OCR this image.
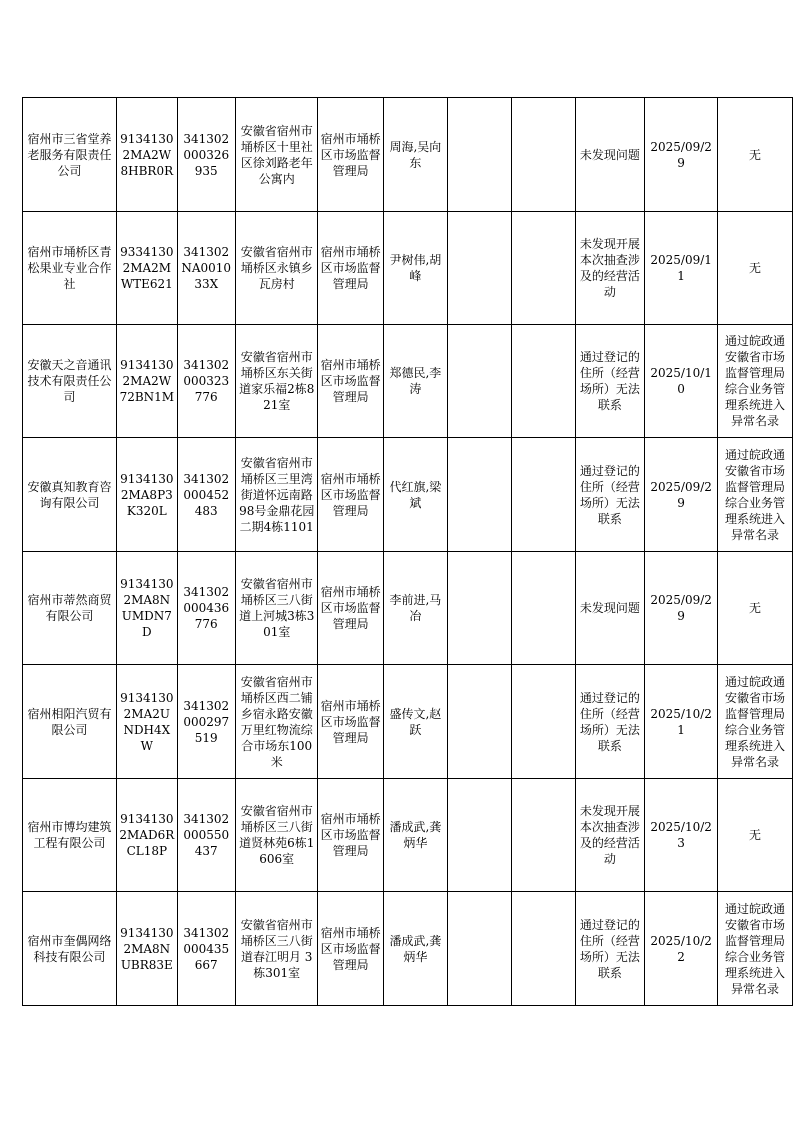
宿州市三省堂养老服务有限责任公司	91341302MA2W8HBR0R	341302000326935	安徽省宿州市埇桥区十里社区徐刘路老年公寓内	宿州市埇桥区市场监督管理局	周海,吴向东			未发现问题	2025/09/29	无
宿州市埇桥区青松果业专业合作社	93341302MA2MWTE621	341302NA001033X	安徽省宿州市埇桥区永镇乡瓦房村	宿州市埇桥区市场监督管理局	尹树伟,胡峰			未发现开展本次抽查涉及的经营活动	2025/09/11	无
安徽天之音通讯技术有限责任公司	91341302MA2W72BN1M	341302000323776	安徽省宿州市埇桥区东关街道家乐福2栋821室	宿州市埇桥区市场监督管理局	郑德民,李涛			通过登记的住所（经营场所）无法联系	2025/10/10	通过皖政通安徽省市场监督管理局综合业务管理系统进入异常名录
安徽真知教育咨询有限公司	91341302MA8P3K320L	341302000452483	安徽省宿州市埇桥区三里湾街道怀远南路98号金鼎花园二期4栋1101	宿州市埇桥区市场监督管理局	代红旗,梁斌			通过登记的住所（经营场所）无法联系	2025/09/29	通过皖政通安徽省市场监督管理局综合业务管理系统进入异常名录
宿州市蒂然商贸有限公司	91341302MA8NUMDN7D	341302000436776	安徽省宿州市埇桥区三八街道上河城3栋301室	宿州市埇桥区市场监督管理局	李前进,马冶			未发现问题	2025/09/29	无
宿州相阳汽贸有限公司	91341302MA2UNDH4XW	341302000297519	安徽省宿州市埇桥区西二铺乡宿永路安徽万里红物流综合市场东100米	宿州市埇桥区市场监督管理局	盛传文,赵跃			通过登记的住所（经营场所）无法联系	2025/10/21	通过皖政通安徽省市场监督管理局综合业务管理系统进入异常名录
宿州市博均建筑工程有限公司	91341302MAD6RCL18P	341302000550437	安徽省宿州市埇桥区三八街道贤林苑6栋1606室	宿州市埇桥区市场监督管理局	潘成武,龚炳华			未发现开展本次抽查涉及的经营活动	2025/10/23	无
宿州市奎偶网络科技有限公司	91341302MA8NUBR83E	341302000435667	安徽省宿州市埇桥区三八街道春江明月 3栋301室	宿州市埇桥区市场监督管理局	潘成武,龚炳华			通过登记的住所（经营场所）无法联系	2025/10/22	通过皖政通安徽省市场监督管理局综合业务管理系统进入异常名录
